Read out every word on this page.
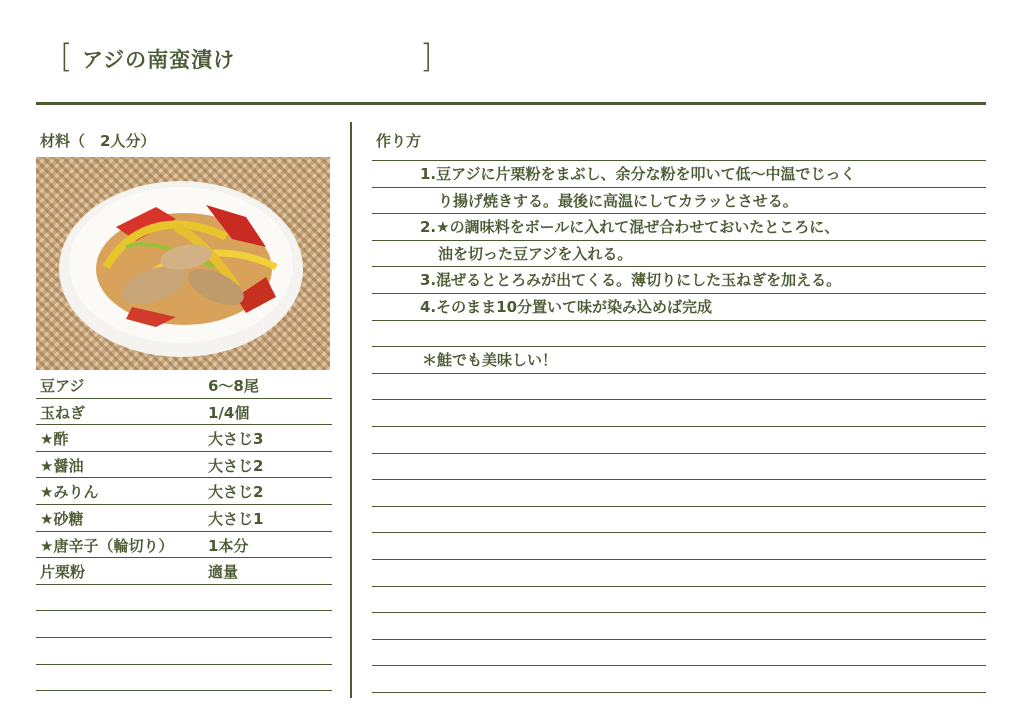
[ アジの南蛮漬け	]
材料（　2人分）
豆アジ	6〜8尾
玉ねぎ	1/4個
★酢	大さじ3
★醤油	大さじ2
★みりん	大さじ2
★砂糖	大さじ1
★唐辛子（輪切り） 1本分
片栗粉	適量
作り方
1.豆アジに片栗粉をまぶし、余分な粉を叩いて低〜中温でじっく
り揚げ焼きする。最後に高温にしてカラッとさせる。
2.★の調味料をボールに入れて混ぜ合わせておいたところに、
油を切った豆アジを入れる。
3.混ぜるととろみが出てくる。薄切りにした玉ねぎを加える。
4.そのまま10分置いて味が染み込めば完成
＊鮭でも美味しい！
